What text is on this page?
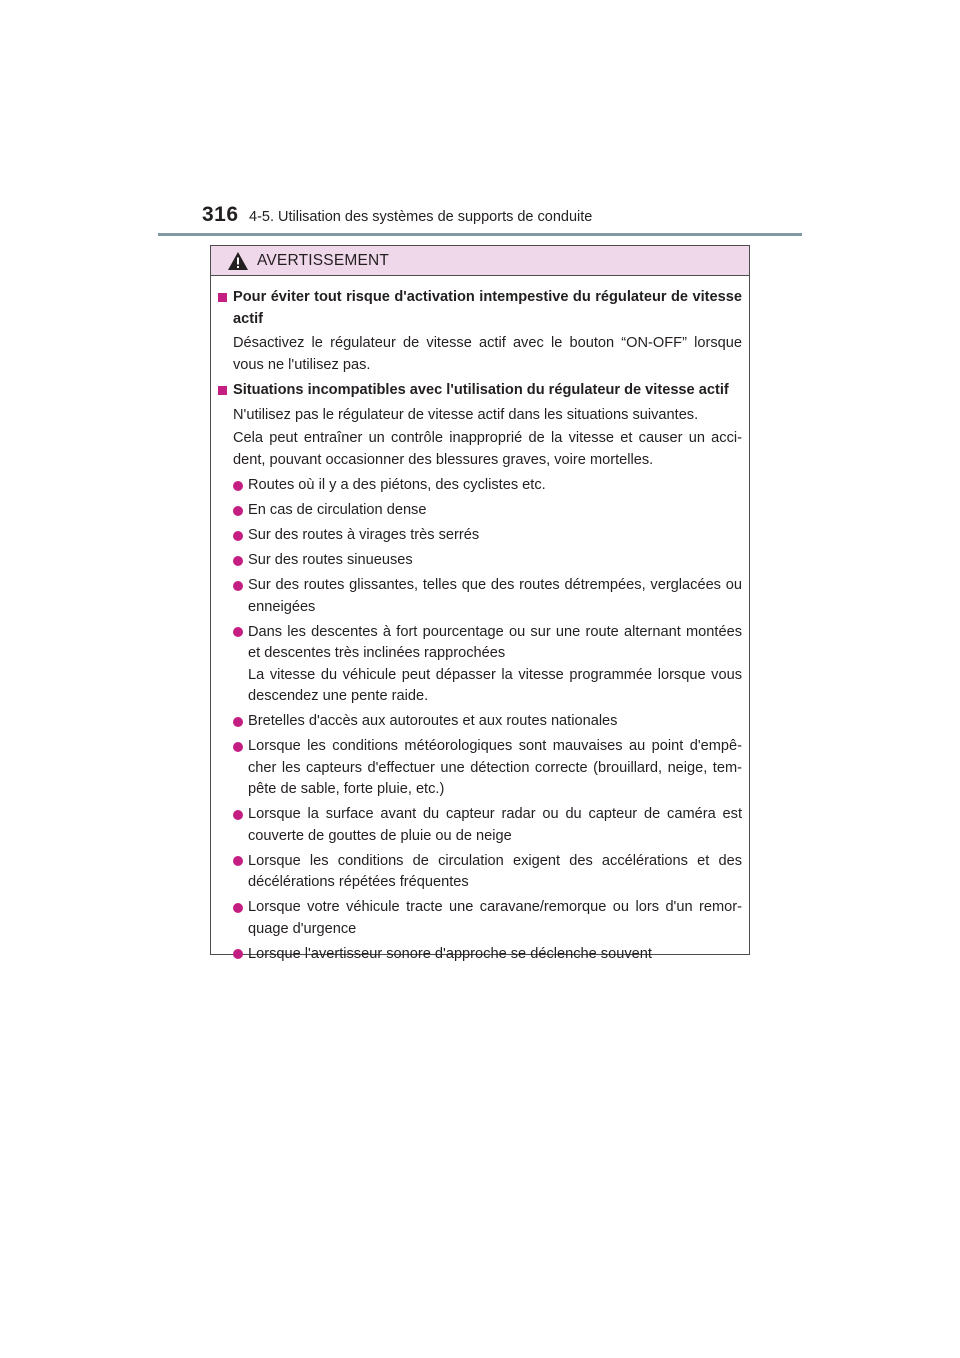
316 4-5. Utilisation des systèmes de supports de conduite
AVERTISSEMENT
Pour éviter tout risque d'activation intempestive du régulateur de vitesse actif
Désactivez le régulateur de vitesse actif avec le bouton “ON-OFF” lorsque vous ne l'utilisez pas.
Situations incompatibles avec l'utilisation du régulateur de vitesse actif
N'utilisez pas le régulateur de vitesse actif dans les situations suivantes.
Cela peut entraîner un contrôle inapproprié de la vitesse et causer un acci-dent, pouvant occasionner des blessures graves, voire mortelles.
Routes où il y a des piétons, des cyclistes etc.
En cas de circulation dense
Sur des routes à virages très serrés
Sur des routes sinueuses
Sur des routes glissantes, telles que des routes détrempées, verglacées ou enneigées
Dans les descentes à fort pourcentage ou sur une route alternant montées et descentes très inclinées rapprochées
La vitesse du véhicule peut dépasser la vitesse programmée lorsque vous descendez une pente raide.
Bretelles d'accès aux autoroutes et aux routes nationales
Lorsque les conditions météorologiques sont mauvaises au point d'empê-cher les capteurs d'effectuer une détection correcte (brouillard, neige, tem-pête de sable, forte pluie, etc.)
Lorsque la surface avant du capteur radar ou du capteur de caméra est couverte de gouttes de pluie ou de neige
Lorsque les conditions de circulation exigent des accélérations et des décélérations répétées fréquentes
Lorsque votre véhicule tracte une caravane/remorque ou lors d'un remor-quage d'urgence
Lorsque l'avertisseur sonore d'approche se déclenche souvent
